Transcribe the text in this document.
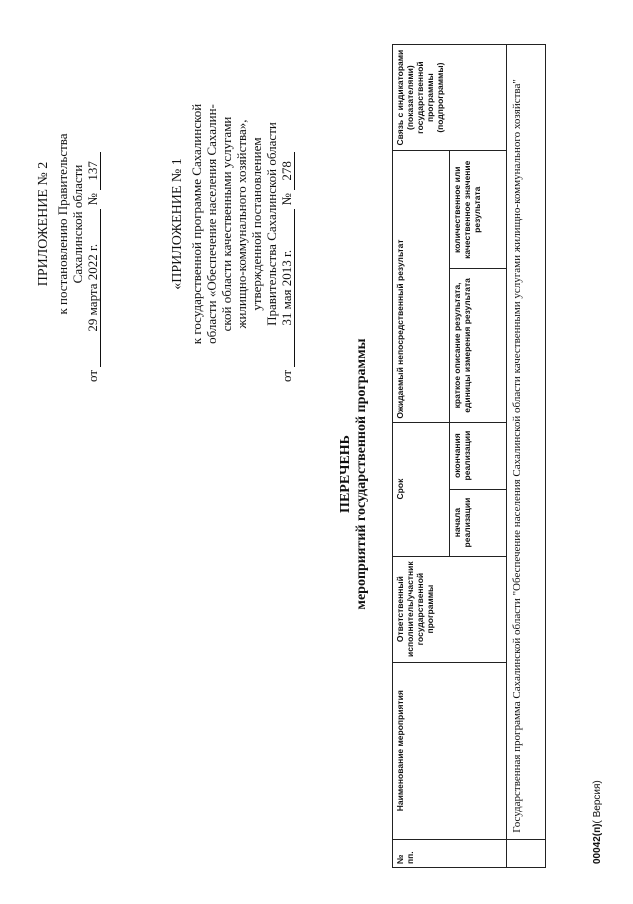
ПРИЛОЖЕНИЕ № 2 к постановлению Правительства Сахалинской области
от 29 марта 2022 г. № 137	«ПРИЛОЖЕНИЕ № 1 к государственной программе Сахалинской области «Обеспечение населения Сахалин- ской области качественными услугами жилищно-коммунального хозяйства», утвержденной постановлением Правительства Сахалинской области
от 31 мая 2013 г. № 278
ПЕРЕЧЕНЬ мероприятий государственной программы
№ пп.	Наименование мероприятия	Ответственный исполнитель/участник государственной программы	Срок		Ожидаемый непосредственный результат		Связь с индикаторами (показателями) государственной программы (подпрограммы)
			начала реализации	окончания реализации	краткое описание результата, единицы измерения результата	количественное или качественное значение результата	
	Государственная программа Сахалинской области "Обеспечение населения Сахалинской области качественными услугами жилищно-коммунального хозяйства"						
00042(п)( Версия)
